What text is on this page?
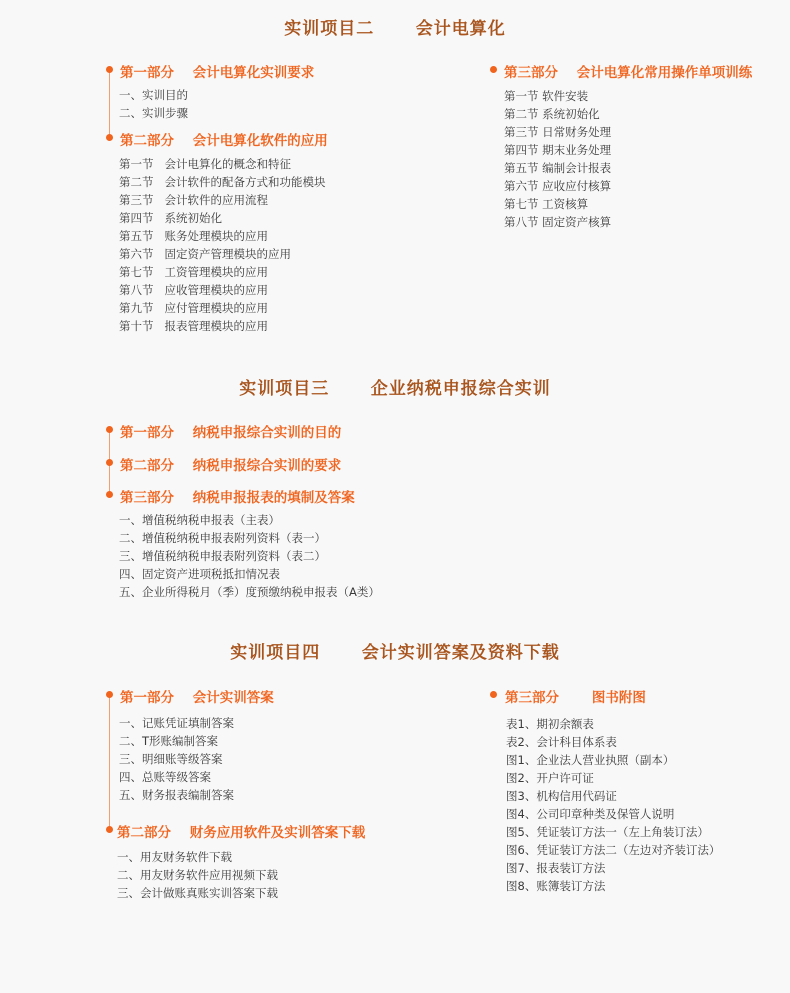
实训项目二      会计电算化
第一部分    会计电算化实训要求
一、实训目的
二、实训步骤
第二部分    会计电算化软件的应用
第一节   会计电算化的概念和特征
第二节   会计软件的配备方式和功能模块
第三节   会计软件的应用流程
第四节   系统初始化
第五节   账务处理模块的应用
第六节   固定资产管理模块的应用
第七节   工资管理模块的应用
第八节   应收管理模块的应用
第九节   应付管理模块的应用
第十节   报表管理模块的应用
第三部分    会计电算化常用操作单项训练
第一节 软件安装
第二节 系统初始化
第三节 日常财务处理
第四节 期末业务处理
第五节 编制会计报表
第六节 应收应付核算
第七节 工资核算
第八节 固定资产核算
实训项目三      企业纳税申报综合实训
第一部分    纳税申报综合实训的目的
第二部分    纳税申报综合实训的要求
第三部分    纳税申报报表的填制及答案
一、增值税纳税申报表（主表）
二、增值税纳税申报表附列资料（表一）
三、增值税纳税申报表附列资料（表二）
四、固定资产进项税抵扣情况表
五、企业所得税月（季）度预缴纳税申报表（A类）
实训项目四      会计实训答案及资料下载
第一部分    会计实训答案
一、记账凭证填制答案
二、T形账编制答案
三、明细账等级答案
四、总账等级答案
五、财务报表编制答案
第二部分    财务应用软件及实训答案下载
一、用友财务软件下载
二、用友财务软件应用视频下载
三、会计做账真账实训答案下载
第三部分       图书附图
表1、期初余额表
表2、会计科目体系表
图1、企业法人营业执照（副本）
图2、开户许可证
图3、机构信用代码证
图4、公司印章种类及保管人说明
图5、凭证装订方法一（左上角装订法）
图6、凭证装订方法二（左边对齐装订法）
图7、报表装订方法
图8、账簿装订方法
